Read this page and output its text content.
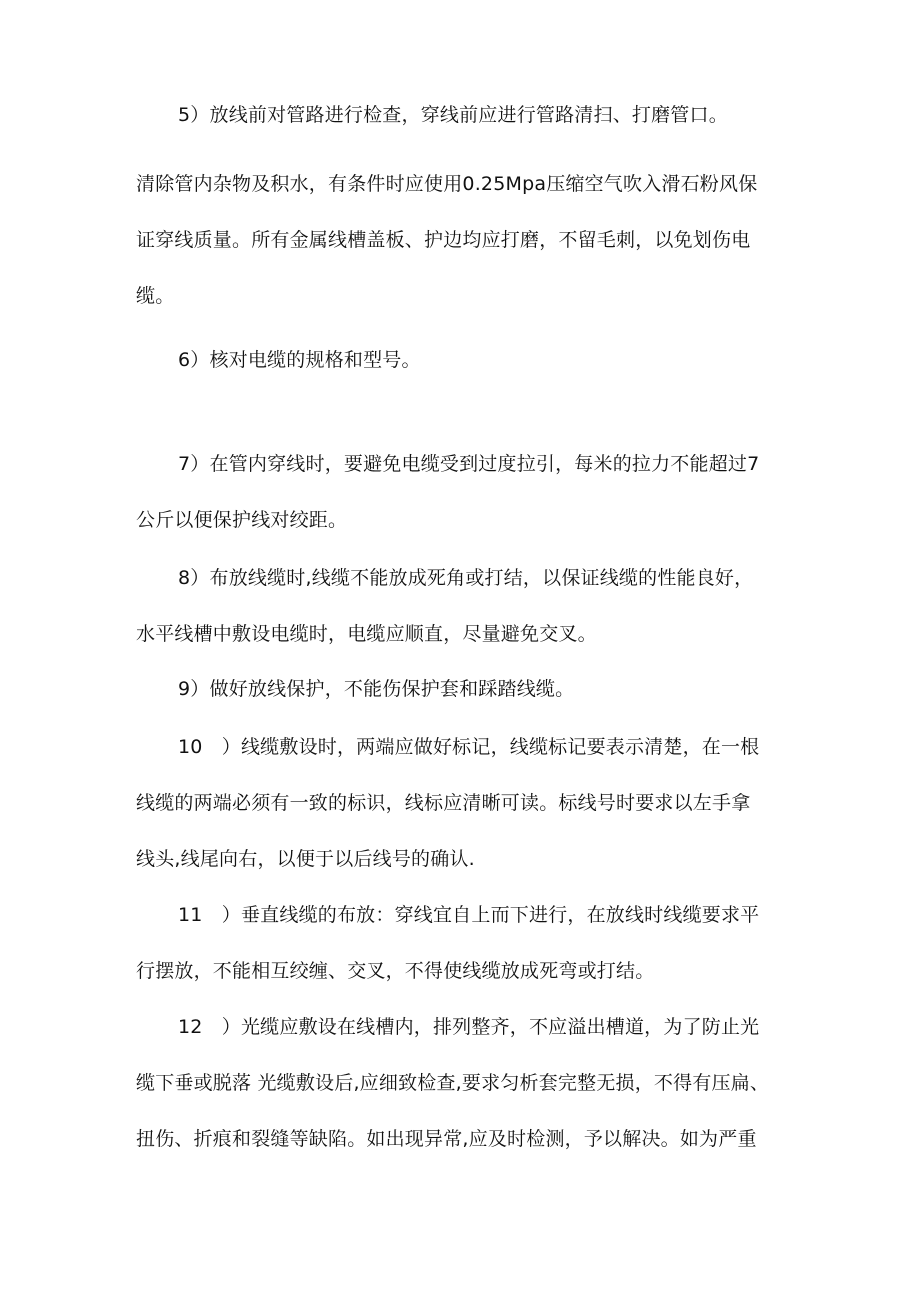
5）放线前对管路进行检查，穿线前应进行管路清扫、打磨管口。
清除管内杂物及积水，有条件时应使用0.25Mpa压缩空气吹入滑石粉风保
证穿线质量。所有金属线槽盖板、护边均应打磨，不留毛刺，以免划伤电
缆。
6）核对电缆的规格和型号。
7）在管内穿线时，要避免电缆受到过度拉引，每米的拉力不能超过7
公斤以便保护线对绞距。
8）布放线缆时,线缆不能放成死角或打结，以保证线缆的性能良好，
水平线槽中敷设电缆时，电缆应顺直，尽量避免交叉。
9）做好放线保护，不能伤保护套和踩踏线缆。
10　）线缆敷设时，两端应做好标记，线缆标记要表示清楚，在一根
线缆的两端必须有一致的标识，线标应清晰可读。标线号时要求以左手拿
线头,线尾向右，以便于以后线号的确认.
11　）垂直线缆的布放：穿线宜自上而下进行，在放线时线缆要求平
行摆放，不能相互绞缠、交叉，不得使线缆放成死弯或打结。
12　）光缆应敷设在线槽内，排列整齐，不应溢出槽道，为了防止光
缆下垂或脱落 光缆敷设后,应细致检查,要求匀析套完整无损，不得有压扁、
扭伤、折痕和裂缝等缺陷。如出现异常,应及时检测，予以解决。如为严重
